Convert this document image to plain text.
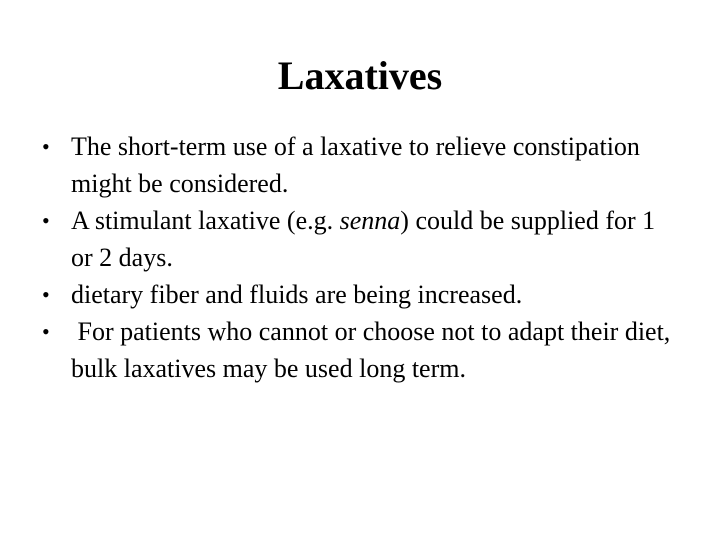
Laxatives
• The short-term use of a laxative to relieve constipation might be considered.
• A stimulant laxative (e.g. senna) could be supplied for 1 or 2 days.
• dietary fiber and fluids are being increased.
• For patients who cannot or choose not to adapt their diet, bulk laxatives may be used long term.
